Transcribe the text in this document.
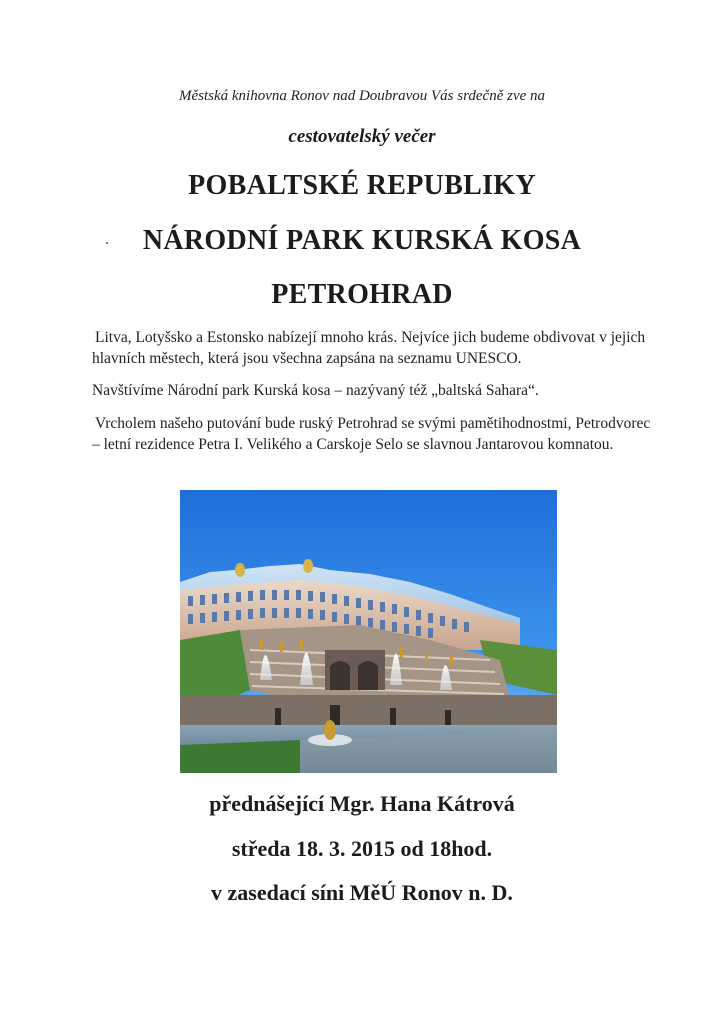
Městská knihovna Ronov nad Doubravou Vás srdečně zve na
cestovatelský večer
POBALTSKÉ REPUBLIKY
NÁRODNÍ PARK KURSKÁ KOSA
PETROHRAD
Litva, Lotyšsko a Estonsko nabízejí mnoho krás. Nejvíce jich budeme obdivovat v jejich hlavních městech, která jsou všechna zapsána na seznamu UNESCO.
Navštívíme Národní park Kurská kosa – nazývaný též „baltská Sahara“.
Vrcholem našeho putování bude ruský Petrohrad se svými pamětihodnostmi, Petrodvorec – letní rezidence Petra I. Velikého a Carskoje Selo se slavnou Jantarovou komnatou.
přednášející Mgr. Hana Kátrová
středa 18. 3. 2015 od 18hod.
v zasedací síni MěÚ Ronov n. D.
